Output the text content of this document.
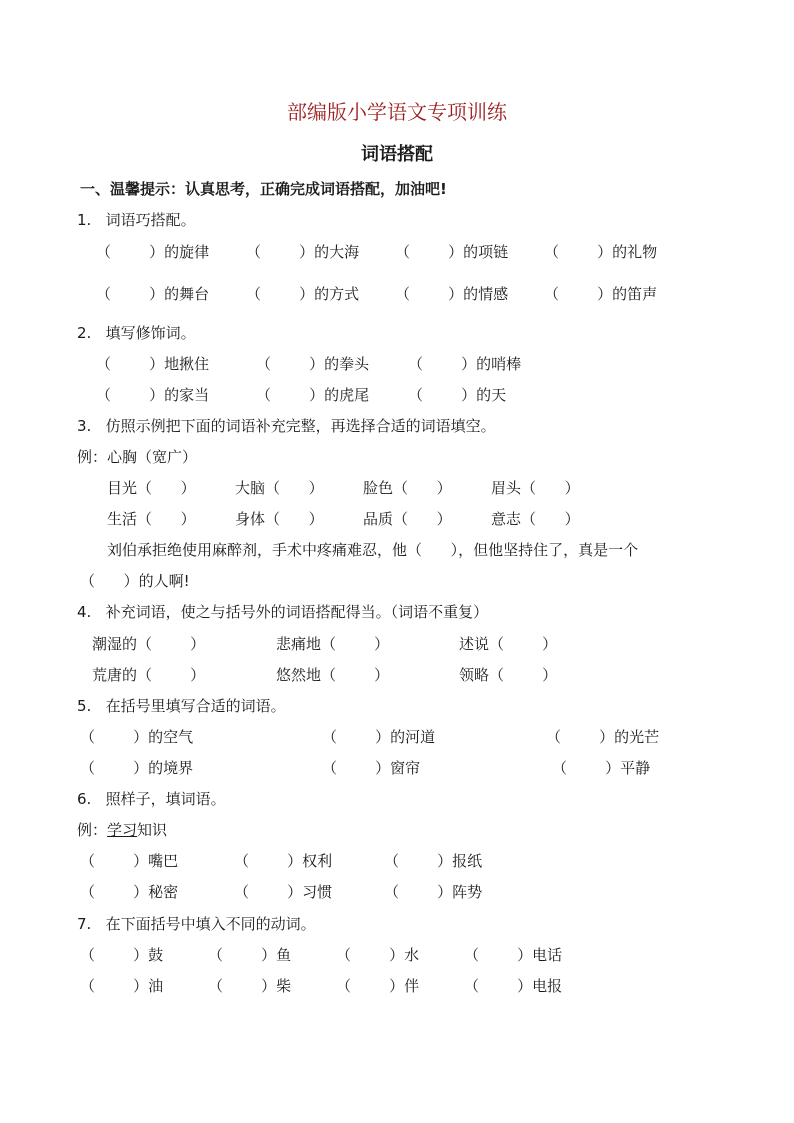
部编版小学语文专项训练
词语搭配
一、温馨提示：认真思考，正确完成词语搭配，加油吧!
1.   词语巧搭配。
（        ）的旋律 （        ）的大海 （        ）的项链 （        ）的礼物
（        ）的舞台 （        ）的方式 （        ）的情感 （        ）的笛声
2.   填写修饰词。
（        ）地揪住	（        ）的拳头	（        ）的哨棒
（        ）的家当	（        ）的虎尾	（        ）的天
3.   仿照示例把下面的词语补充完整，再选择合适的词语填空。
例：心胸（宽广）
目光（      ）	大脑（      ）	脸色（      ）	眉头（      ）
生活（      ）	身体（      ）	品质（      ）	意志（      ）
刘伯承拒绝使用麻醉剂，手术中疼痛难忍，他（      ），但他坚持住了，真是一个
（      ）的人啊!
4.   补充词语，使之与括号外的词语搭配得当。（词语不重复）
潮湿的（        ）	悲痛地（        ）	述说（        ）
荒唐的（        ）	悠然地（        ）	领略（        ）
5.   在括号里填写合适的词语。
（        ）的空气	（        ）的河道	（        ）的光芒
（        ）的境界	（        ）窗帘	（        ）平静
6.   照样子，填词语。
例：学习知识
（        ）嘴巴	（        ）权利	（        ）报纸
（        ）秘密	（        ）习惯	（        ）阵势
7.   在下面括号中填入不同的动词。
（        ）鼓	（        ）鱼	（        ）水	（        ）电话
（        ）油	（        ）柴	（        ）伴	（        ）电报
